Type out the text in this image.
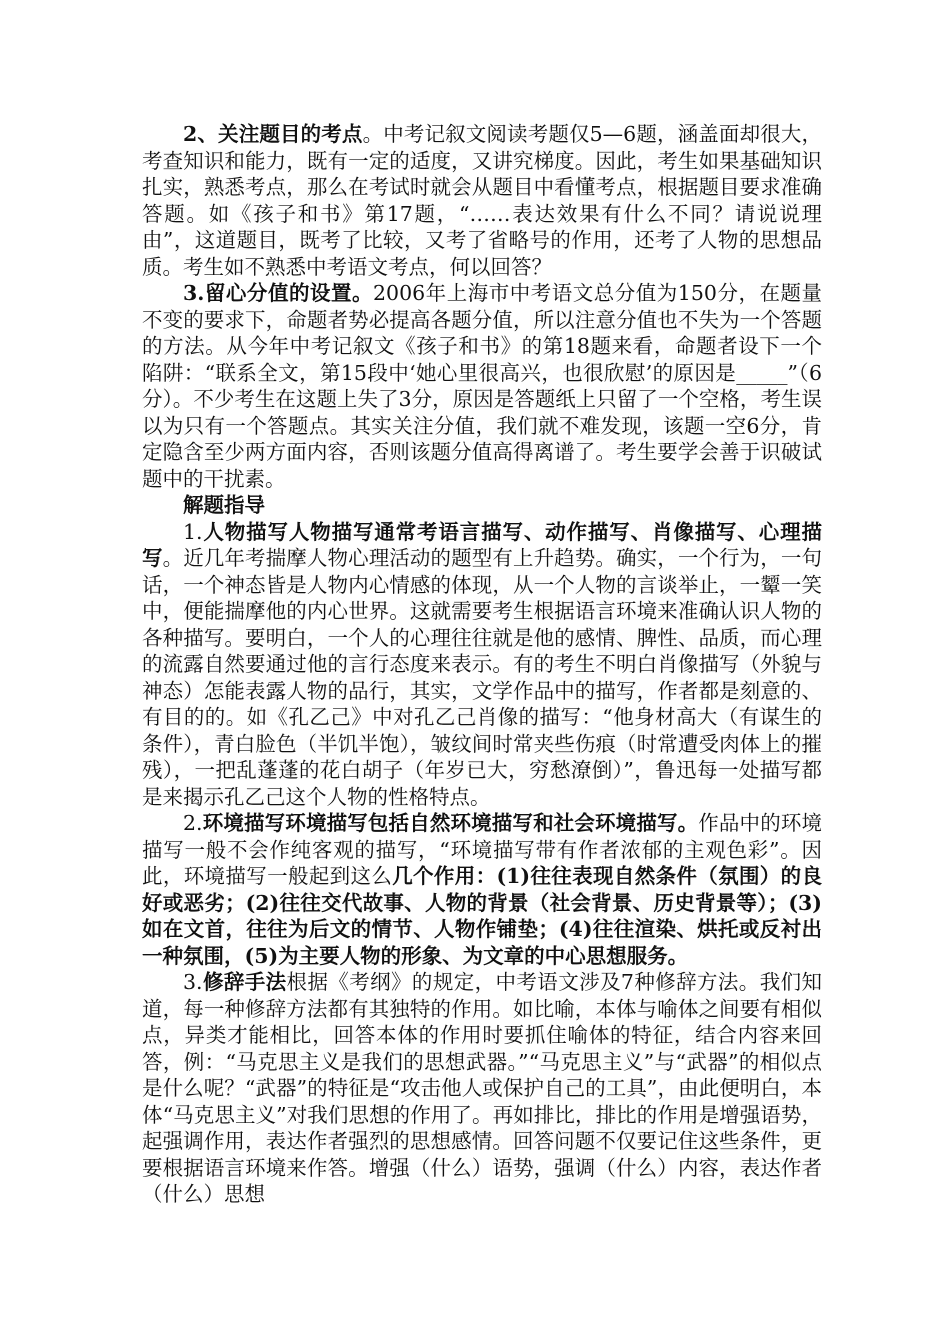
2、关注题目的考点。中考记叙文阅读考题仅5—6题，涵盖面却很大，考查知识和能力，既有一定的适度，又讲究梯度。因此，考生如果基础知识扎实，熟悉考点，那么在考试时就会从题目中看懂考点，根据题目要求准确答题。如《孩子和书》第17题，“……表达效果有什么不同？请说说理由”，这道题目，既考了比较，又考了省略号的作用，还考了人物的思想品质。考生如不熟悉中考语文考点，何以回答？

3.留心分值的设置。2006年上海市中考语文总分值为150分，在题量不变的要求下，命题者势必提高各题分值，所以注意分值也不失为一个答题的方法。从今年中考记叙文《孩子和书》的第18题来看，命题者设下一个陷阱：“联系全文，第15段中‘她心里很高兴，也很欣慰’的原因是_____”（6分）。不少考生在这题上失了3分，原因是答题纸上只留了一个空格，考生误以为只有一个答题点。其实关注分值，我们就不难发现，该题一空6分，肯定隐含至少两方面内容，否则该题分值高得离谱了。考生要学会善于识破试题中的干扰素。

解题指导

1.人物描写人物描写通常考语言描写、动作描写、肖像描写、心理描写。近几年考揣摩人物心理活动的题型有上升趋势。确实，一个行为，一句话，一个神态皆是人物内心情感的体现，从一个人物的言谈举止，一颦一笑中，便能揣摩他的内心世界。这就需要考生根据语言环境来准确认识人物的各种描写。要明白，一个人的心理往往就是他的感情、脾性、品质，而心理的流露自然要通过他的言行态度来表示。有的考生不明白肖像描写（外貌与神态）怎能表露人物的品行，其实，文学作品中的描写，作者都是刻意的、有目的的。如《孔乙己》中对孔乙己肖像的描写：“他身材高大（有谋生的条件），青白脸色（半饥半饱），皱纹间时常夹些伤痕（时常遭受肉体上的摧残），一把乱蓬蓬的花白胡子（年岁已大，穷愁潦倒）”，鲁迅每一处描写都是来揭示孔乙己这个人物的性格特点。

2.环境描写环境描写包括自然环境描写和社会环境描写。作品中的环境描写一般不会作纯客观的描写，“环境描写带有作者浓郁的主观色彩”。因此，环境描写一般起到这么几个作用：(1)往往表现自然条件（氛围）的良好或恶劣；(2)往往交代故事、人物的背景（社会背景、历史背景等）；(3)如在文首，往往为后文的情节、人物作铺垫；(4)往往渲染、烘托或反衬出一种氛围，(5)为主要人物的形象、为文章的中心思想服务。

3.修辞手法根据《考纲》的规定，中考语文涉及7种修辞方法。我们知道，每一种修辞方法都有其独特的作用。如比喻，本体与喻体之间要有相似点，异类才能相比，回答本体的作用时要抓住喻体的特征，结合内容来回答，例：“马克思主义是我们的思想武器。”“马克思主义”与“武器”的相似点是什么呢？“武器”的特征是“攻击他人或保护自己的工具”，由此便明白，本体“马克思主义”对我们思想的作用了。再如排比，排比的作用是增强语势，起强调作用，表达作者强烈的思想感情。回答问题不仅要记住这些条件，更要根据语言环境来作答。增强（什么）语势，强调（什么）内容，表达作者（什么）思想
